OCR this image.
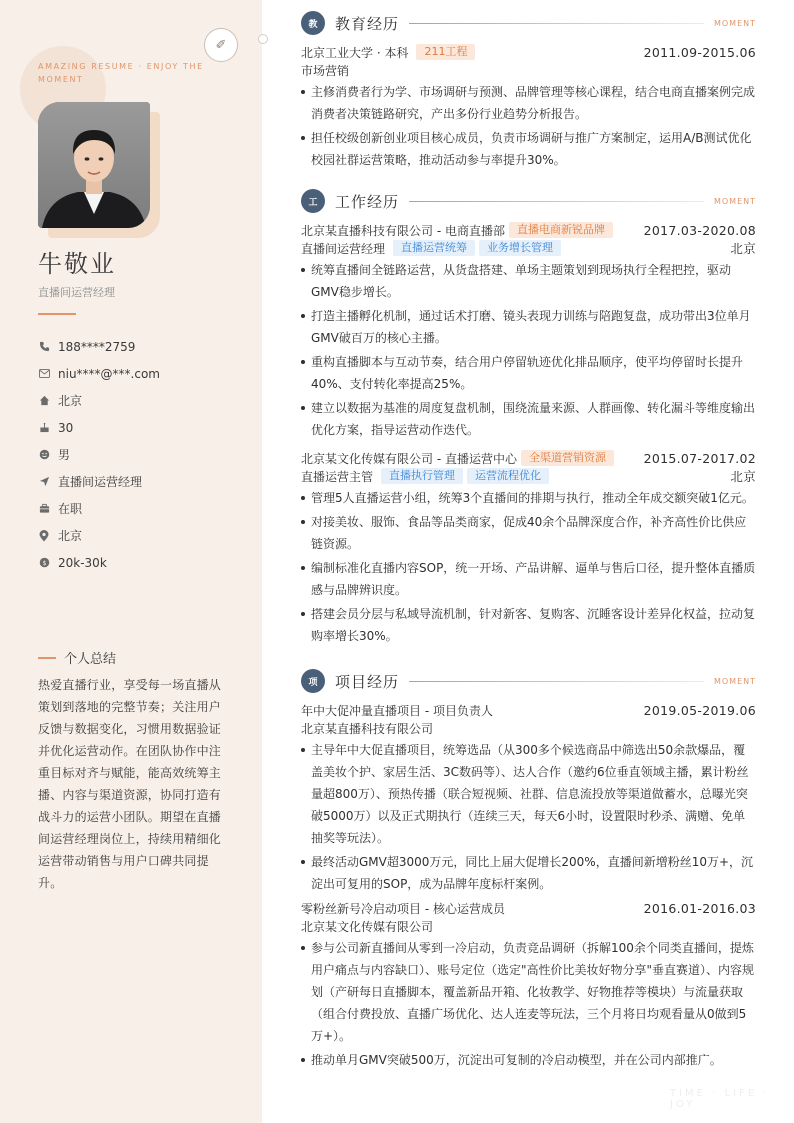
✐
AMAZING RESUME · ENJOY THE MOMENT
牛敬业
直播间运营经理
188****2759
niu****@***.com
北京
30
男
直播间运营经理
在职
北京
$ 20k-30k
个人总结
热爱直播行业，享受每一场直播从策划到落地的完整节奏；关注用户反馈与数据变化，习惯用数据验证并优化运营动作。在团队协作中注重目标对齐与赋能，能高效统筹主播、内容与渠道资源，协同打造有战斗力的运营小团队。期望在直播间运营经理岗位上，持续用精细化运营带动销售与用户口碑共同提升。
教	教育经历	MOMENT
北京工业大学 · 本科	211工程	2011.09-2015.06
市场营销
主修消费者行为学、市场调研与预测、品牌管理等核心课程，结合电商直播案例完成消费者决策链路研究，产出多份行业趋势分析报告。
担任校级创新创业项目核心成员，负责市场调研与推广方案制定，运用A/B测试优化校园社群运营策略，推动活动参与率提升30%。
工	工作经历	MOMENT
北京某直播科技有限公司 - 电商直播部	直播电商新锐品牌	2017.03-2020.08
直播间运营经理	直播运营统筹	业务增长管理	北京
统筹直播间全链路运营，从货盘搭建、单场主题策划到现场执行全程把控，驱动GMV稳步增长。
打造主播孵化机制，通过话术打磨、镜头表现力训练与陪跑复盘，成功带出3位单月GMV破百万的核心主播。
重构直播脚本与互动节奏，结合用户停留轨迹优化排品顺序，使平均停留时长提升40%、支付转化率提高25%。
建立以数据为基准的周度复盘机制，围绕流量来源、人群画像、转化漏斗等维度输出优化方案，指导运营动作迭代。
北京某文化传媒有限公司 - 直播运营中心	全渠道营销资源	2015.07-2017.02
直播运营主管	直播执行管理	运营流程优化	北京
管理5人直播运营小组，统筹3个直播间的排期与执行，推动全年成交额突破1亿元。
对接美妆、服饰、食品等品类商家，促成40余个品牌深度合作，补齐高性价比供应链资源。
编制标准化直播内容SOP，统一开场、产品讲解、逼单与售后口径，提升整体直播质感与品牌辨识度。
搭建会员分层与私域导流机制，针对新客、复购客、沉睡客设计差异化权益，拉动复购率增长30%。
项	项目经历	MOMENT
年中大促冲量直播项目 - 项目负责人	2019.05-2019.06
北京某直播科技有限公司
主导年中大促直播项目，统筹选品（从300多个候选商品中筛选出50余款爆品，覆盖美妆个护、家居生活、3C数码等）、达人合作（邀约6位垂直领域主播，累计粉丝量超800万）、预热传播（联合短视频、社群、信息流投放等渠道做蓄水，总曝光突破5000万）以及正式期执行（连续三天，每天6小时，设置限时秒杀、满赠、免单抽奖等玩法）。
最终活动GMV超3000万元，同比上届大促增长200%，直播间新增粉丝10万+，沉淀出可复用的SOP，成为品牌年度标杆案例。
零粉丝新号冷启动项目 - 核心运营成员	2016.01-2016.03
北京某文化传媒有限公司
参与公司新直播间从零到一冷启动，负责竞品调研（拆解100余个同类直播间，提炼用户痛点与内容缺口）、账号定位（选定"高性价比美妆好物分享"垂直赛道）、内容规划（产研每日直播脚本，覆盖新品开箱、化妆教学、好物推荐等模块）与流量获取（组合付费投放、直播广场优化、达人连麦等玩法，三个月将日均观看量从0做到5万+）。
推动单月GMV突破500万，沉淀出可复制的冷启动模型，并在公司内部推广。
TIME · LIFE · JOY
